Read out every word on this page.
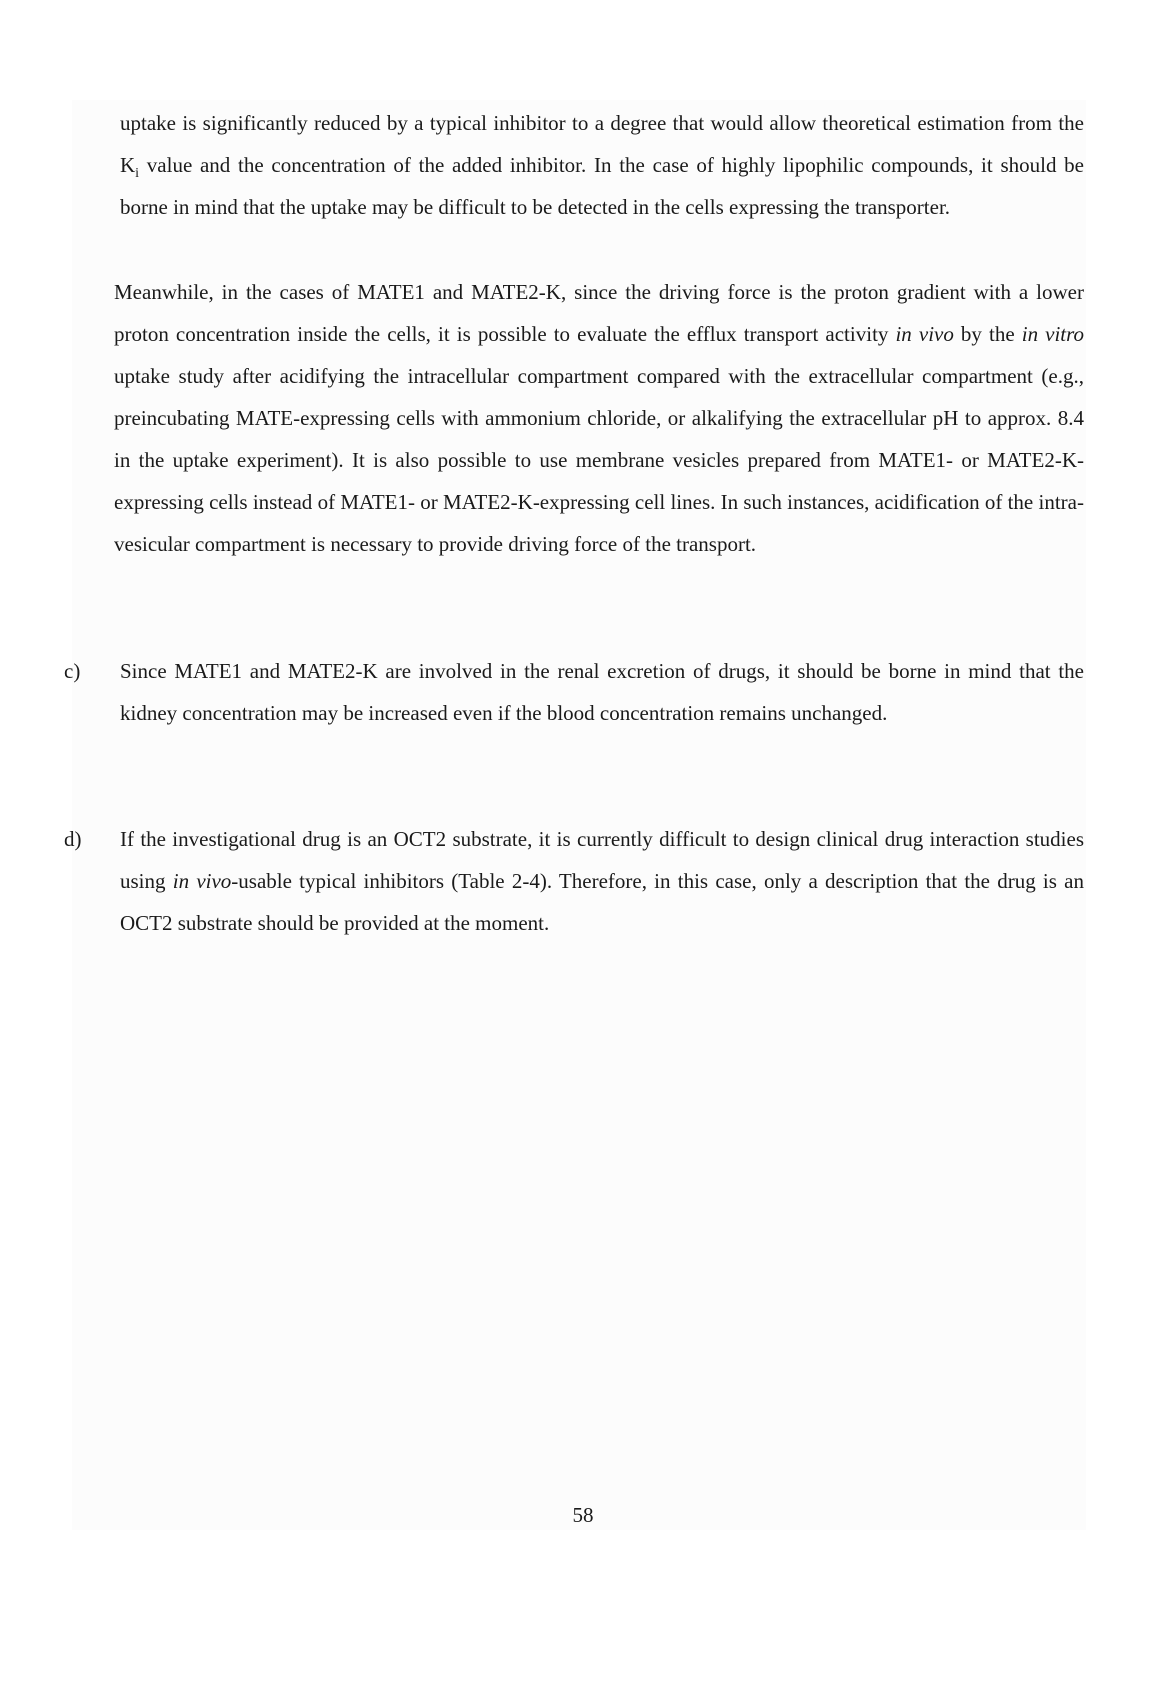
uptake is significantly reduced by a typical inhibitor to a degree that would allow theoretical estimation from the $K_i$ value and the concentration of the added inhibitor. In the case of highly lipophilic compounds, it should be borne in mind that the uptake may be difficult to be detected in the cells expressing the transporter.

Meanwhile, in the cases of MATE1 and MATE2-K, since the driving force is the proton gradient with a lower proton concentration inside the cells, it is possible to evaluate the efflux transport activity in vivo by the in vitro uptake study after acidifying the intracellular compartment compared with the extracellular compartment (e.g., preincubating MATE-expressing cells with ammonium chloride, or alkalifying the extracellular pH to approx. 8.4 in the uptake experiment). It is also possible to use membrane vesicles prepared from MATE1- or MATE2-K-expressing cells instead of MATE1- or MATE2-K-expressing cell lines. In such instances, acidification of the intra-vesicular compartment is necessary to provide driving force of the transport.

c) Since MATE1 and MATE2-K are involved in the renal excretion of drugs, it should be borne in mind that the kidney concentration may be increased even if the blood concentration remains unchanged.
d) If the investigational drug is an OCT2 substrate, it is currently difficult to design clinical drug interaction studies using in vivo-usable typical inhibitors (Table 2-4). Therefore, in this case, only a description that the drug is an OCT2 substrate should be provided at the moment.
58
